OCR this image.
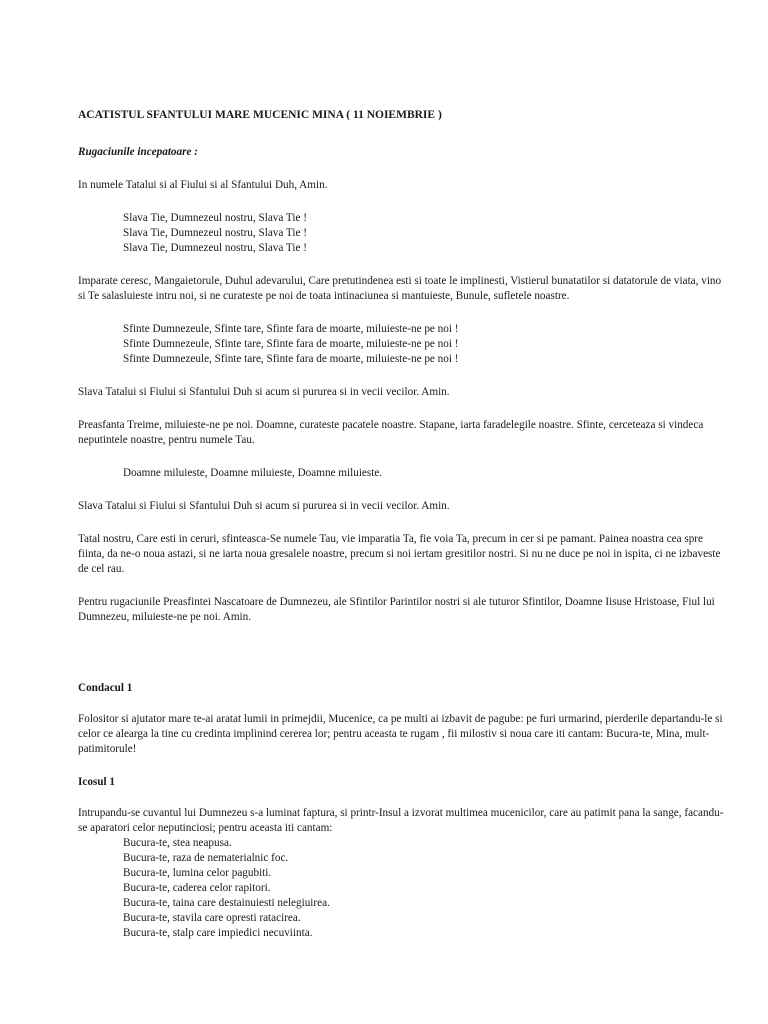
ACATISTUL SFANTULUI MARE MUCENIC MINA ( 11 NOIEMBRIE )
Rugaciunile incepatoare :
In numele Tatalui si al Fiului si al Sfantului Duh, Amin.
Slava Tie, Dumnezeul nostru, Slava Tie !
Slava Tie, Dumnezeul nostru, Slava Tie !
Slava Tie, Dumnezeul nostru, Slava Tie !
Imparate ceresc, Mangaietorule, Duhul adevarului, Care pretutindenea esti si toate le implinesti, Vistierul bunatatilor si datatorule de viata, vino si Te salasluieste intru noi, si ne curateste pe noi de toata intinaciunea si mantuieste, Bunule, sufletele noastre.
Sfinte Dumnezeule, Sfinte tare, Sfinte fara de moarte, miluieste-ne pe noi !
Sfinte Dumnezeule, Sfinte tare, Sfinte fara de moarte, miluieste-ne pe noi !
Sfinte Dumnezeule, Sfinte tare, Sfinte fara de moarte, miluieste-ne pe noi !
Slava Tatalui si Fiului si Sfantului Duh si acum si pururea si in vecii vecilor. Amin.
Preasfanta Treime, miluieste-ne pe noi. Doamne, curateste pacatele noastre. Stapane, iarta faradelegile noastre. Sfinte, cerceteaza si vindeca neputintele noastre, pentru numele Tau.
Doamne miluieste, Doamne miluieste, Doamne miluieste.
Slava Tatalui si Fiului si Sfantului Duh si acum si pururea si in vecii vecilor. Amin.
Tatal nostru, Care esti in ceruri, sfinteasca-Se numele Tau, vie imparatia Ta, fie voia Ta, precum in cer si pe pamant. Painea noastra cea spre fiinta, da ne-o noua astazi, si ne iarta noua gresalele noastre, precum si noi iertam gresitilor nostri. Si nu ne duce pe noi in ispita, ci ne izbaveste de cel rau.
Pentru rugaciunile Preasfintei Nascatoare de Dumnezeu, ale Sfintilor Parintilor nostri si ale tuturor Sfintilor, Doamne Iisuse Hristoase, Fiul lui Dumnezeu, miluieste-ne pe noi. Amin.
Condacul 1
Folositor si ajutator mare te-ai aratat lumii in primejdii, Mucenice, ca pe multi ai izbavit de pagube: pe furi urmarind, pierderile departandu-le si celor ce alearga la tine cu credinta implinind cererea lor; pentru aceasta te rugam , fii milostiv si noua care iti cantam: Bucura-te, Mina, mult-patimitorule!
Icosul 1
Intrupandu-se cuvantul lui Dumnezeu s-a luminat faptura, si printr-Insul a izvorat multimea mucenicilor, care au patimit pana la sange, facandu-se aparatori celor neputinciosi; pentru aceasta iti cantam:
Bucura-te, stea neapusa.
Bucura-te, raza de nematerialnic foc.
Bucura-te, lumina celor pagubiti.
Bucura-te, caderea celor rapitori.
Bucura-te, taina care destainuiesti nelegiuirea.
Bucura-te, stavila care opresti ratacirea.
Bucura-te, stalp care impiedici necuviinta.
